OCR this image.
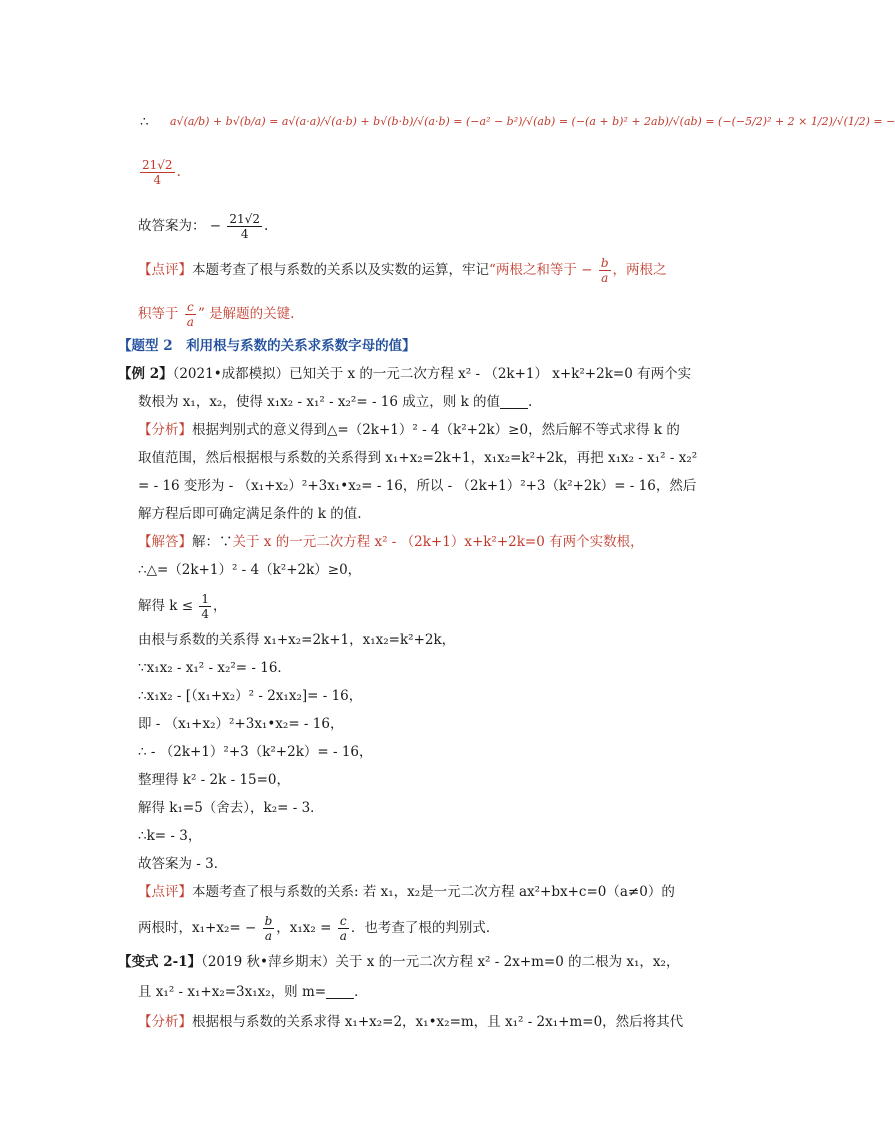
∴ a√(a/b) + b√(b/a) = a√(a·a)/√(a·b) + b√(b·b)/√(a·b) = (−a² − b²)/√(ab) = (−(a + b)² + 2ab)/√(ab) = (−(−5/2)² + 2 × 1/2)/√(1/2) = −
$\frac{21√2}{4}$ .
故答案为： − $\frac{21√2}{4}$ .
【点评】本题考查了根与系数的关系以及实数的运算，牢记“两根之和等于 − $\frac{b}{a}$ ，两根之
积等于 $\frac{c}{a}$ ” 是解题的关键.
【题型 2　利用根与系数的关系求系数字母的值】
【例 2】（2021•成都模拟）已知关于 x 的一元二次方程 x² - （2k+1） x+k²+2k=0 有两个实
数根为 x₁，x₂，使得 x₁x₂ - x₁² - x₂²= - 16 成立，则 k 的值 .
【分析】根据判别式的意义得到△=（2k+1）² - 4（k²+2k）≥0，然后解不等式求得 k 的
取值范围，然后根据根与系数的关系得到 x₁+x₂=2k+1，x₁x₂=k²+2k，再把 x₁x₂ - x₁² - x₂²
= - 16 变形为 - （x₁+x₂）²+3x₁•x₂= - 16，所以 - （2k+1）²+3（k²+2k）= - 16，然后
解方程后即可确定满足条件的 k 的值.
【解答】解：∵关于 x 的一元二次方程 x² - （2k+1）x+k²+2k=0 有两个实数根，
∴△=（2k+1）² - 4（k²+2k）≥0，
解得 $k \le \frac{1}{4}$ ，
由根与系数的关系得 x₁+x₂=2k+1，x₁x₂=k²+2k，
∵x₁x₂ - x₁² - x₂²= - 16．
∴x₁x₂ - [（x₁+x₂）² - 2x₁x₂]= - 16，
即 - （x₁+x₂）²+3x₁•x₂= - 16，
∴ - （2k+1）²+3（k²+2k）= - 16，
整理得 k² - 2k - 15=0，
解得 k₁=5（舍去），k₂= - 3．
∴k= - 3，
故答案为 - 3．
【点评】本题考查了根与系数的关系: 若 x₁，x₂是一元二次方程 ax²+bx+c=0（a≠0）的
两根时，$x_1+x_2= - \frac{b}{a}$ ，$x_1x_2 = \frac{c}{a}$ ．也考查了根的判别式．
【变式 2-1】（2019 秋•萍乡期末）关于 x 的一元二次方程 x² - 2x+m=0 的二根为 x₁，x₂，
且 x₁² - x₁+x₂=3x₁x₂，则 m= ．
【分析】根据根与系数的关系求得 x₁+x₂=2，x₁•x₂=m，且 x₁² - 2x₁+m=0，然后将其代
